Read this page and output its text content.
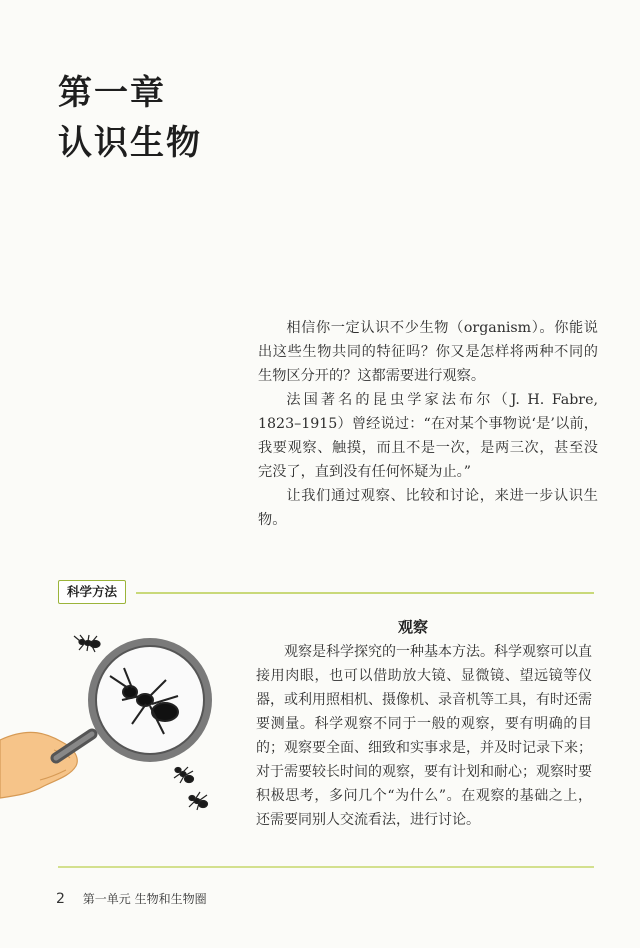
第一章
认识生物

相信你一定认识不少生物（organism）。你能说出这些生物共同的特征吗？你又是怎样将两种不同的生物区分开的？这都需要进行观察。

法国著名的昆虫学家法布尔（J. H. Fabre, 1823–1915）曾经说过：“在对某个事物说‘是’以前，我要观察、触摸，而且不是一次，是两三次，甚至没完没了，直到没有任何怀疑为止。”

让我们通过观察、比较和讨论，来进一步认识生物。

科学方法
观察

观察是科学探究的一种基本方法。科学观察可以直接用肉眼，也可以借助放大镜、显微镜、望远镜等仪器，或利用照相机、摄像机、录音机等工具，有时还需要测量。科学观察不同于一般的观察，要有明确的目的；观察要全面、细致和实事求是，并及时记录下来；对于需要较长时间的观察，要有计划和耐心；观察时要积极思考，多问几个“为什么”。在观察的基础之上，还需要同别人交流看法，进行讨论。

2 第一单元 生物和生物圈
